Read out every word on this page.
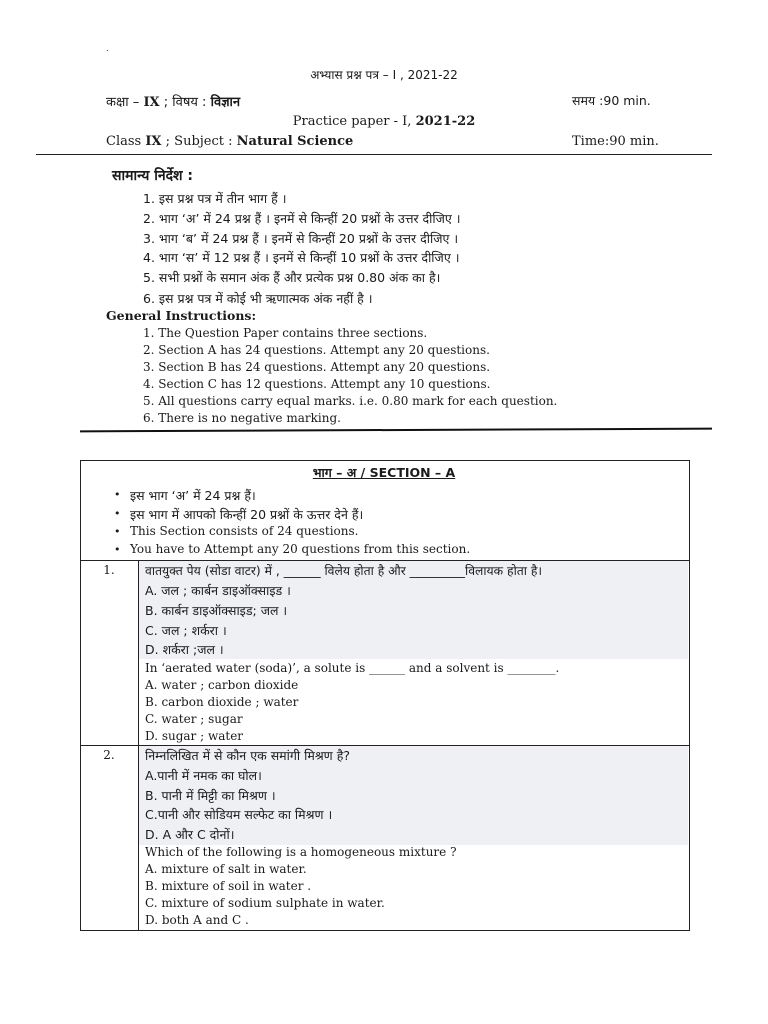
.
अभ्यास प्रश्न पत्र – I , 2021-22
कक्षा – IX ; विषय : विज्ञान	समय :90 min.
Practice paper - I, 2021-22
Class IX ; Subject : Natural Science	Time:90 min.
सामान्य निर्देश :
1. इस प्रश्न पत्र में तीन भाग हैं ।
2. भाग ‘अ’ में 24 प्रश्न हैं । इनमें से किन्हीं 20 प्रश्नों के उत्तर दीजिए ।
3. भाग ‘ब’ में 24 प्रश्न हैं । इनमें से किन्हीं 20 प्रश्नों के उत्तर दीजिए ।
4. भाग ‘स’ में 12 प्रश्न हैं । इनमें से किन्हीं 10 प्रश्नों के उत्तर दीजिए ।
5. सभी प्रश्नों के समान अंक हैं और प्रत्येक प्रश्न 0.80 अंक का है।
6. इस प्रश्न पत्र में कोई भी ऋणात्मक अंक नहीं है ।
General Instructions:
1. The Question Paper contains three sections.
2. Section A has 24 questions. Attempt any 20 questions.
3. Section B has 24 questions. Attempt any 20 questions.
4. Section C has 12 questions. Attempt any 10 questions.
5. All questions carry equal marks. i.e. 0.80 mark for each question.
6. There is no negative marking.
भाग – अ / SECTION – A
• इस भाग ‘अ’ में 24 प्रश्न हैं।
• इस भाग में आपको किन्हीं 20 प्रश्नों के ऊत्तर देने हैं।
• This Section consists of 24 questions.
• You have to Attempt any 20 questions from this section.
1.	वातयुक्त पेय (सोडा वाटर) में , ______ विलेय होता है और _________विलायक होता है।
A. जल ; कार्बन डाइऑक्साइड ।
B. कार्बन डाइऑक्साइड; जल ।
C. जल ; शर्करा ।
D. शर्करा ;जल ।
In ‘aerated water (soda)’, a solute is ______ and a solvent is ________.
A. water ; carbon dioxide
B. carbon dioxide ; water
C. water ; sugar
D. sugar ; water
2.	निम्नलिखित में से कौन एक समांगी मिश्रण है?
A.पानी में नमक का घोल।
B. पानी में मिट्टी का मिश्रण ।
C.पानी और सोडियम सल्फेट का मिश्रण ।
D. A और C दोनों।
Which of the following is a homogeneous mixture ?
A. mixture of salt in water.
B. mixture of soil in water .
C. mixture of sodium sulphate in water.
D. both A and C .
